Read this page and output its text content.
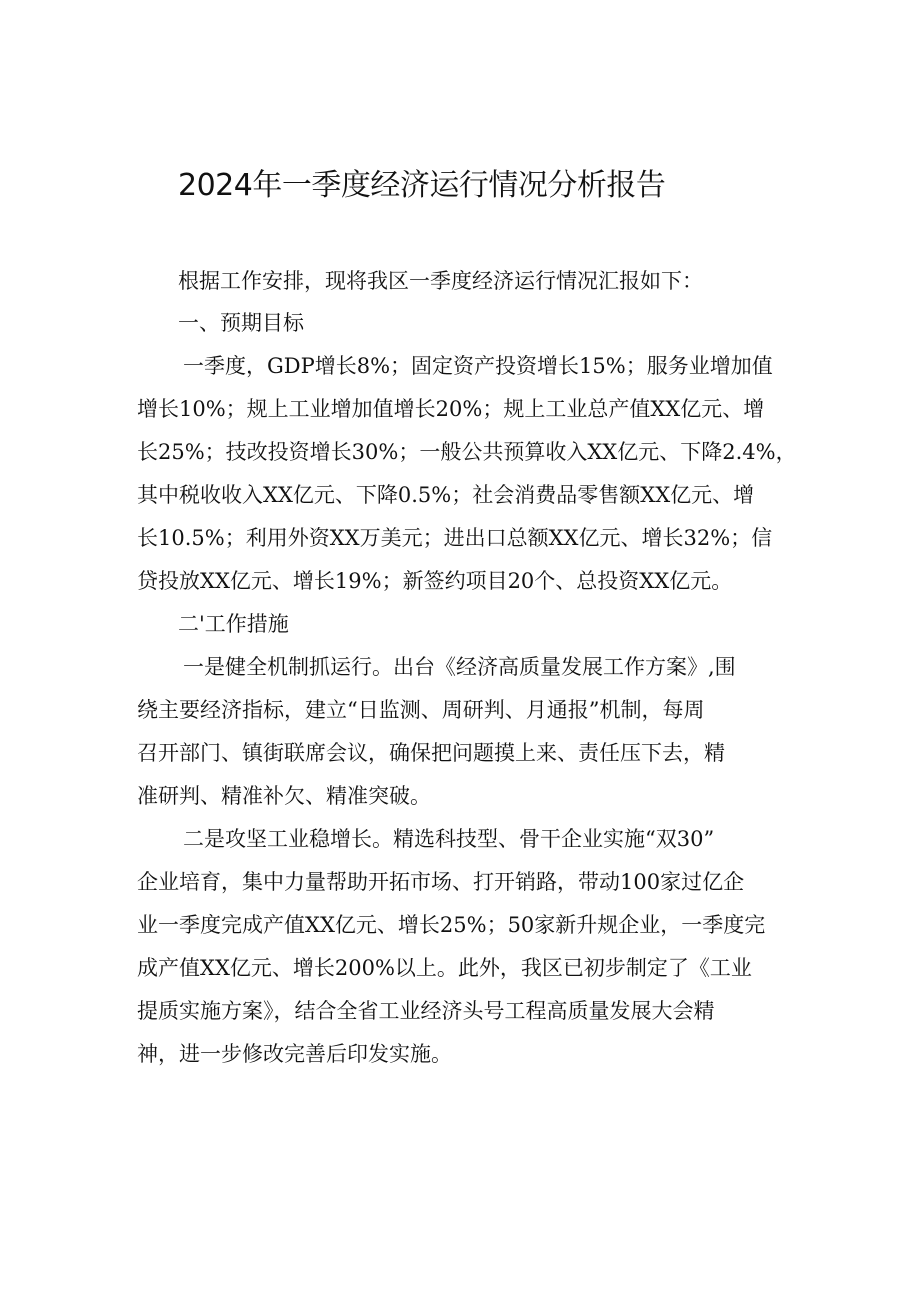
2024年一季度经济运行情况分析报告

根据工作安排，现将我区一季度经济运行情况汇报如下：

一、预期目标

一季度，GDP增长8%；固定资产投资增长15%；服务业增加值

增长10%；规上工业增加值增长20%；规上工业总产值XX亿元、增

长25%；技改投资增长30%；一般公共预算收入XX亿元、下降2.4%，

其中税收收入XX亿元、下降0.5%；社会消费品零售额XX亿元、增

长10.5%；利用外资XX万美元；进出口总额XX亿元、增长32%；信

贷投放XX亿元、增长19%；新签约项目20个、总投资XX亿元。

二'工作措施

一是健全机制抓运行。出台《经济高质量发展工作方案》,围

绕主要经济指标，建立“日监测、周研判、月通报”机制，每周

召开部门、镇街联席会议，确保把问题摸上来、责任压下去，精

准研判、精准补欠、精准突破。

二是攻坚工业稳增长。精选科技型、骨干企业实施“双30”

企业培育，集中力量帮助开拓市场、打开销路，带动100家过亿企

业一季度完成产值XX亿元、增长25%；50家新升规企业，一季度完

成产值XX亿元、增长200%以上。此外，我区已初步制定了《工业

提质实施方案》，结合全省工业经济头号工程高质量发展大会精

神，进一步修改完善后印发实施。
